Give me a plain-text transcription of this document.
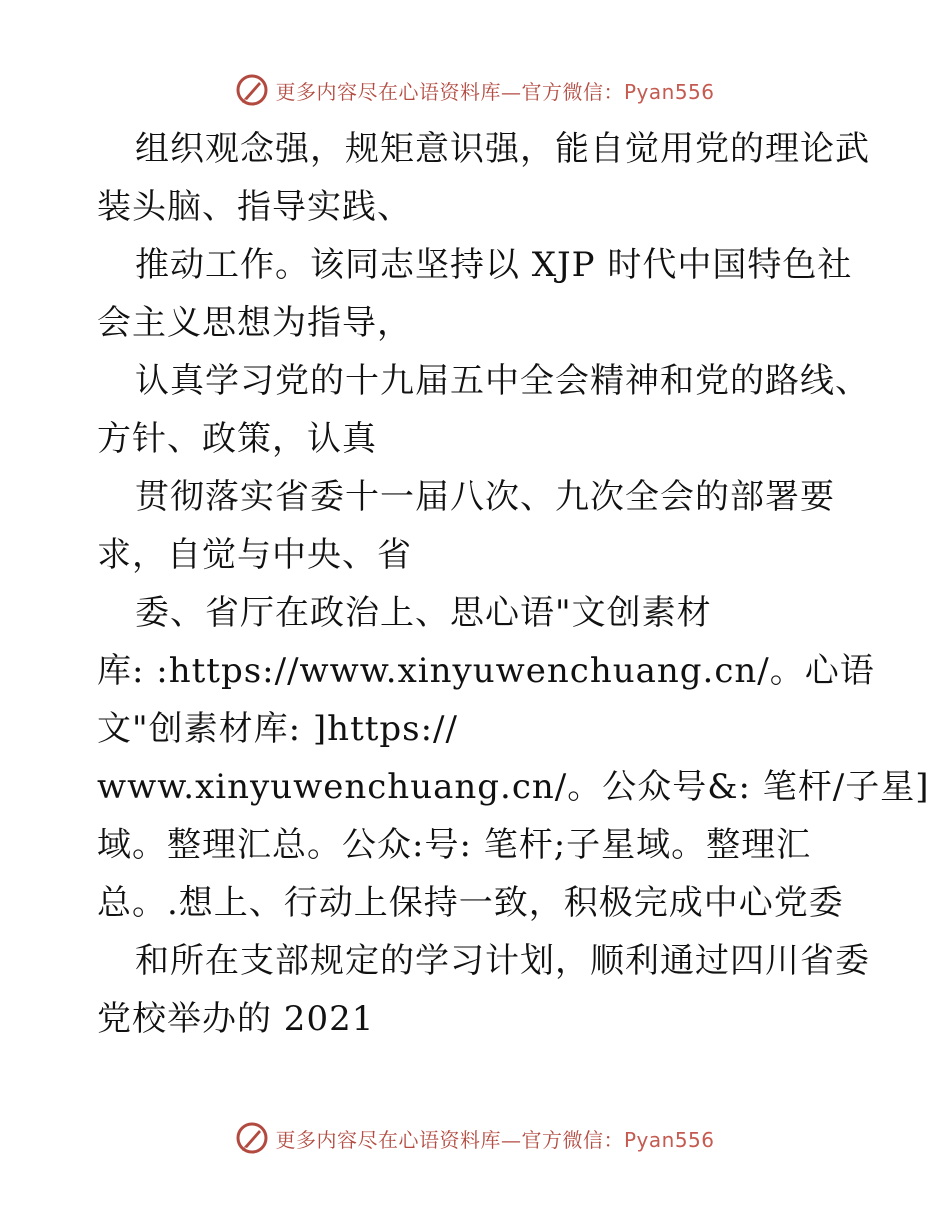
更多内容尽在心语资料库—官方微信：Pyan556
组织观念强，规矩意识强，能自觉用党的理论武
装头脑、指导实践、
推动工作。该同志坚持以 XJP 时代中国特色社
会主义思想为指导，
认真学习党的十九届五中全会精神和党的路线、
方针、政策，认真
贯彻落实省委十一届八次、九次全会的部署要
求，自觉与中央、省
委、省厅在政治上、思心语"文创素材
库: :https://www.xinyuwenchuang.cn/。心语
文"创素材库: ]https://
www.xinyuwenchuang.cn/。公众号&: 笔杆/子星]
域。整理汇总。公众:号: 笔杆;子星域。整理汇
总。.想上、行动上保持一致，积极完成中心党委
和所在支部规定的学习计划，顺利通过四川省委
党校举办的 2021
更多内容尽在心语资料库—官方微信：Pyan556
